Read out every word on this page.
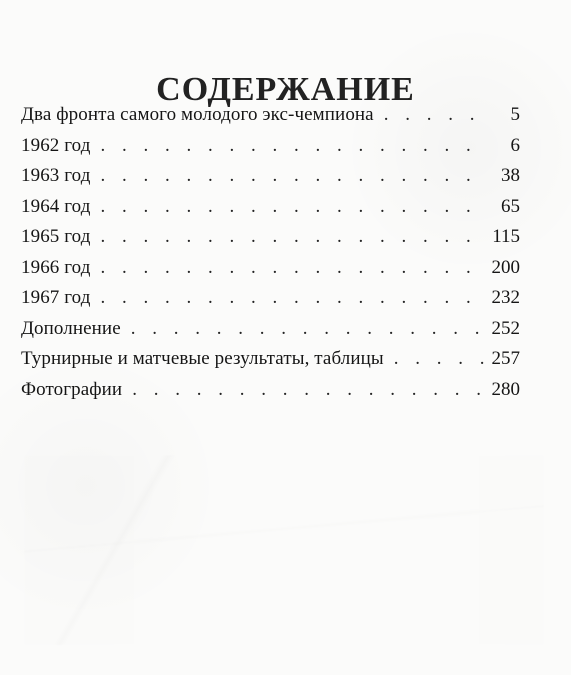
СОДЕРЖАНИЕ
Два фронта самого молодого экс-чемпиона . . .	5
1962 год . . .	6
1963 год . . .	38
1964 год . . .	65
1965 год . . .	115
1966 год . . .	200
1967 год . . .	232
Дополнение . . .	252
Турнирные и матчевые результаты, таблицы . . .	257
Фотографии . . .	280
